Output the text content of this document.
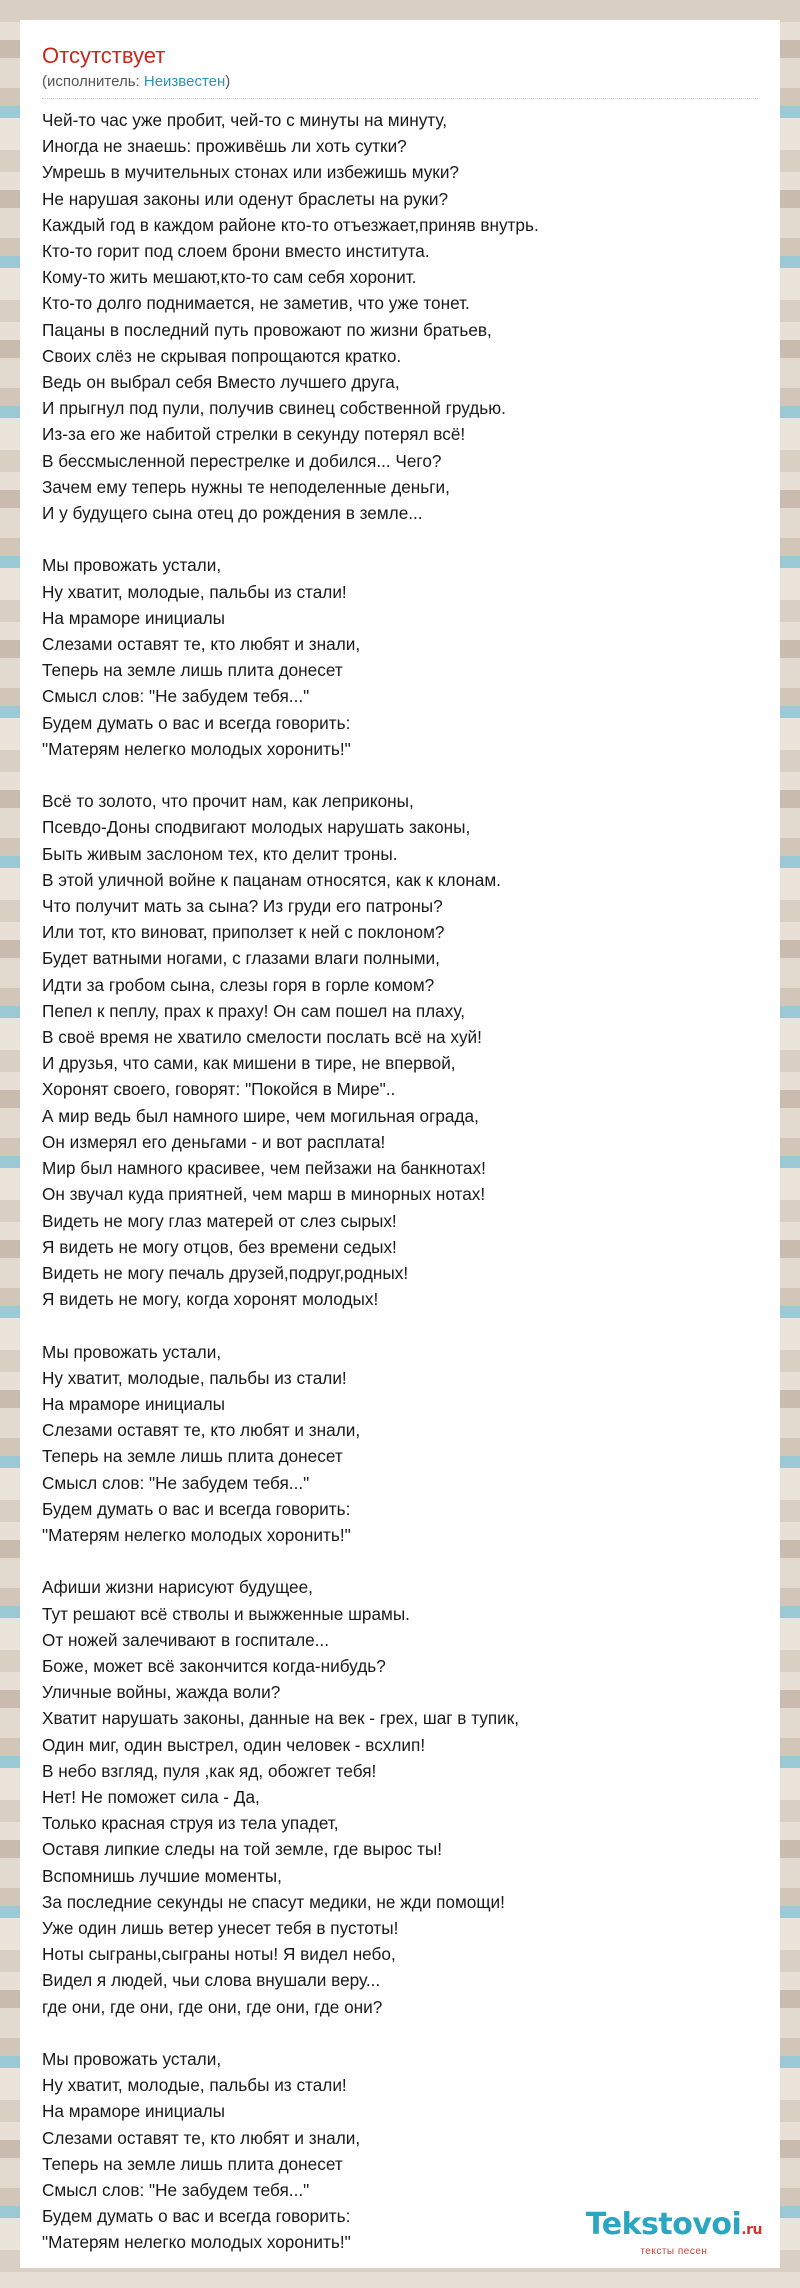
Отсутствует
(исполнитель: Неизвестен)
Чей-то час уже пробит, чей-то с минуты на минуту,
Иногда не знаешь: проживёшь ли хоть сутки?
Умрешь в мучительных стонах или избежишь муки?
Не нарушая законы или оденут браслеты на руки?
Каждый год в каждом районе кто-то отъезжает,приняв внутрь.
Кто-то горит под слоем брони вместо института.
Кому-то жить мешают,кто-то сам себя хоронит.
Кто-то долго поднимается, не заметив, что уже тонет.
Пацаны в последний путь провожают по жизни братьев,
Своих слёз не скрывая попрощаются кратко.
Ведь он выбрал себя Вместо лучшего друга,
И прыгнул под пули, получив свинец собственной грудью.
Из-за его же набитой стрелки в секунду потерял всё!
В бессмысленной перестрелке и добился... Чего?
Зачем ему теперь нужны те неподеленные деньги,
И у будущего сына отец до рождения в земле...
Мы провожать устали,
Ну хватит, молодые, пальбы из стали!
На мраморе инициалы
Слезами оставят те, кто любят и знали,
Теперь на земле лишь плита донесет
Смысл слов: "Не забудем тебя..."
Будем думать о вас и всегда говорить:
"Матерям нелегко молодых хоронить!"
Всё то золото, что прочит нам, как леприконы,
Псевдо-Доны сподвигают молодых нарушать законы,
Быть живым заслоном тех, кто делит троны.
В этой уличной войне к пацанам относятся, как к клонам.
Что получит мать за сына? Из груди его патроны?
Или тот, кто виноват, приползет к ней с поклоном?
Будет ватными ногами, с глазами влаги полными,
Идти за гробом сына, слезы горя в горле комом?
Пепел к пеплу, прах к праху! Он сам пошел на плаху,
В своё время не хватило смелости послать всё на хуй!
И друзья, что сами, как мишени в тире, не впервой,
Хоронят своего, говорят: "Покойся в Мире"..
А мир ведь был намного шире, чем могильная ограда,
Он измерял его деньгами - и вот расплата!
Мир был намного красивее, чем пейзажи на банкнотах!
Он звучал куда приятней, чем марш в минорных нотах!
Видеть не могу глаз матерей от слез сырых!
Я видеть не могу отцов, без времени седых!
Видеть не могу печаль друзей,подруг,родных!
Я видеть не могу, когда хоронят молодых!
Мы провожать устали,
Ну хватит, молодые, пальбы из стали!
На мраморе инициалы
Слезами оставят те, кто любят и знали,
Теперь на земле лишь плита донесет
Смысл слов: "Не забудем тебя..."
Будем думать о вас и всегда говорить:
"Матерям нелегко молодых хоронить!"
Афиши жизни нарисуют будущее,
Тут решают всё стволы и выжженные шрамы.
От ножей залечивают в госпитале...
Боже, может всё закончится когда-нибудь?
Уличные войны, жажда воли?
Хватит нарушать законы, данные на век - грех, шаг в тупик,
Один миг, один выстрел, один человек - всхлип!
В небо взгляд, пуля ,как яд, обожгет тебя!
Нет! Не поможет сила - Да,
Только красная струя из тела упадет,
Оставя липкие следы на той земле, где вырос ты!
Вспомнишь лучшие моменты,
За последние секунды не спасут медики, не жди помощи!
Уже один лишь ветер унесет тебя в пустоты!
Ноты сыграны,сыграны ноты! Я видел небо,
Видел я людей, чьи слова внушали веру...
где они, где они, где они, где они, где они?
Мы провожать устали,
Ну хватит, молодые, пальбы из стали!
На мраморе инициалы
Слезами оставят те, кто любят и знали,
Теперь на земле лишь плита донесет
Смысл слов: "Не забудем тебя..."
Будем думать о вас и всегда говорить:
"Матерям нелегко молодых хоронить!"
Tekstovoi.ru
тексты песен
